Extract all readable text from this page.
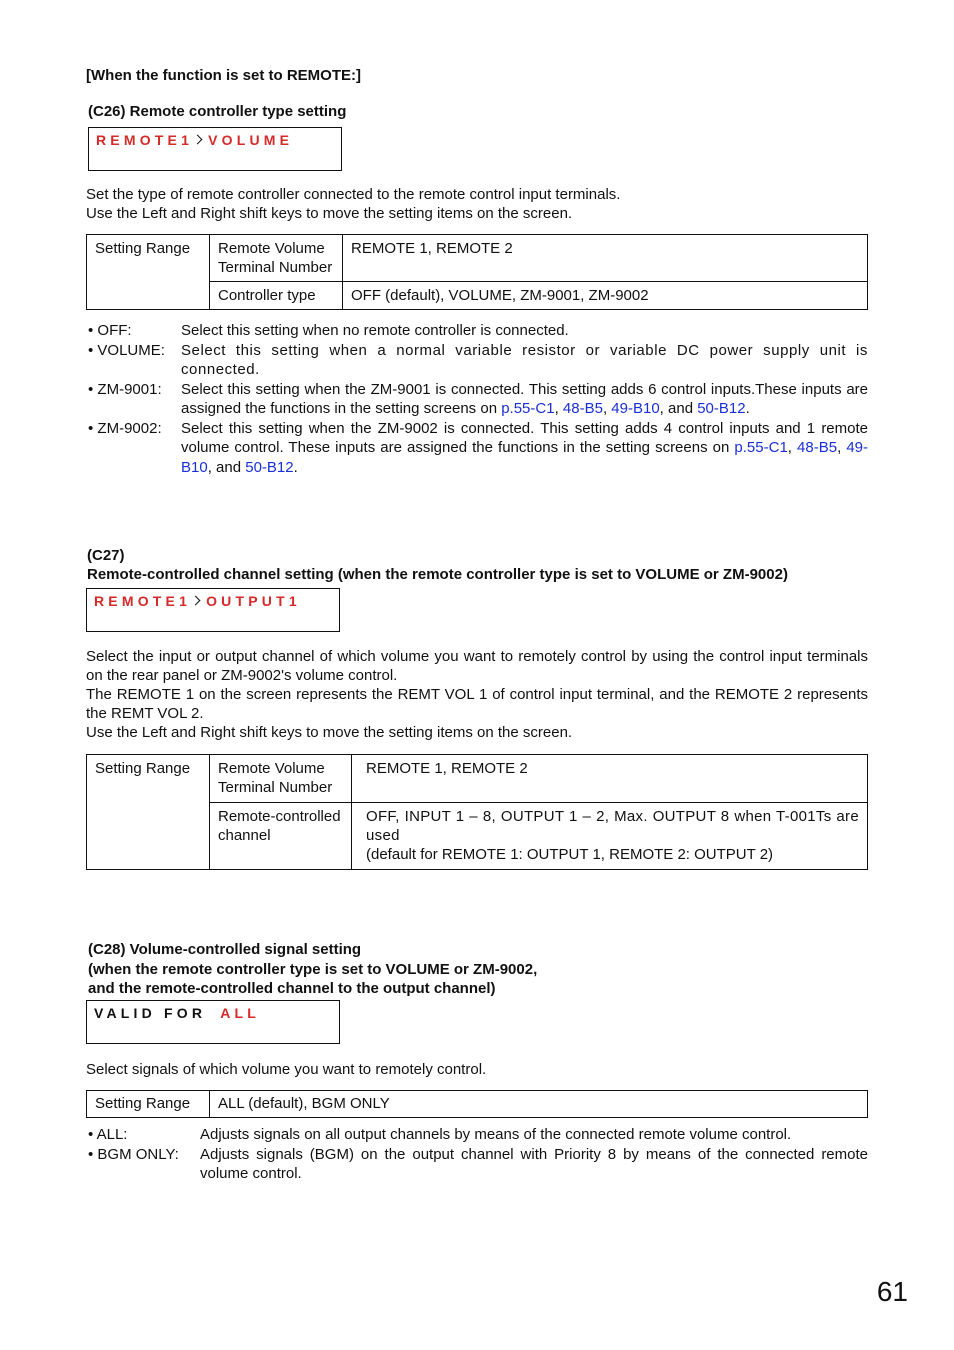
[When the function is set to REMOTE:]
(C26) Remote controller type setting
REMOTE1 VOLUME
Set the type of remote controller connected to the remote control input terminals.
Use the Left and Right shift keys to move the setting items on the screen.
Setting Range	Remote Volume Terminal Number	REMOTE 1, REMOTE 2
	Controller type	OFF (default), VOLUME, ZM-9001, ZM-9002
• OFF:	Select this setting when no remote controller is connected.
• VOLUME:	Select this setting when a normal variable resistor or variable DC power supply unit is connected.
• ZM-9001:	Select this setting when the ZM-9001 is connected. This setting adds 6 control inputs.These inputs are assigned the functions in the setting screens on p.55-C1, 48-B5, 49-B10, and 50-B12.
• ZM-9002:	Select this setting when the ZM-9002 is connected. This setting adds 4 control inputs and 1 remote volume control. These inputs are assigned the functions in the setting screens on p.55-C1, 48-B5, 49-B10, and 50-B12.
(C27)
Remote-controlled channel setting (when the remote controller type is set to VOLUME or ZM-9002)
REMOTE1 OUTPUT1
Select the input or output channel of which volume you want to remotely control by using the control input terminals on the rear panel or ZM-9002's volume control.
The REMOTE 1 on the screen represents the REMT VOL 1 of control input terminal, and the REMOTE 2 represents the REMT VOL 2.
Use the Left and Right shift keys to move the setting items on the screen.
Setting Range	Remote Volume Terminal Number	REMOTE 1, REMOTE 2
	Remote-controlled channel	OFF, INPUT 1 – 8, OUTPUT 1 – 2, Max. OUTPUT 8 when T-001Ts are used
(default for REMOTE 1: OUTPUT 1, REMOTE 2: OUTPUT 2)
(C28) Volume-controlled signal setting
(when the remote controller type is set to VOLUME or ZM-9002,
and the remote-controlled channel to the output channel)
VALID FOR ALL
Select signals of which volume you want to remotely control.
Setting Range	ALL (default), BGM ONLY
• ALL:	Adjusts signals on all output channels by means of the connected remote volume control.
• BGM ONLY:	Adjusts signals (BGM) on the output channel with Priority 8 by means of the connected remote volume control.
61
